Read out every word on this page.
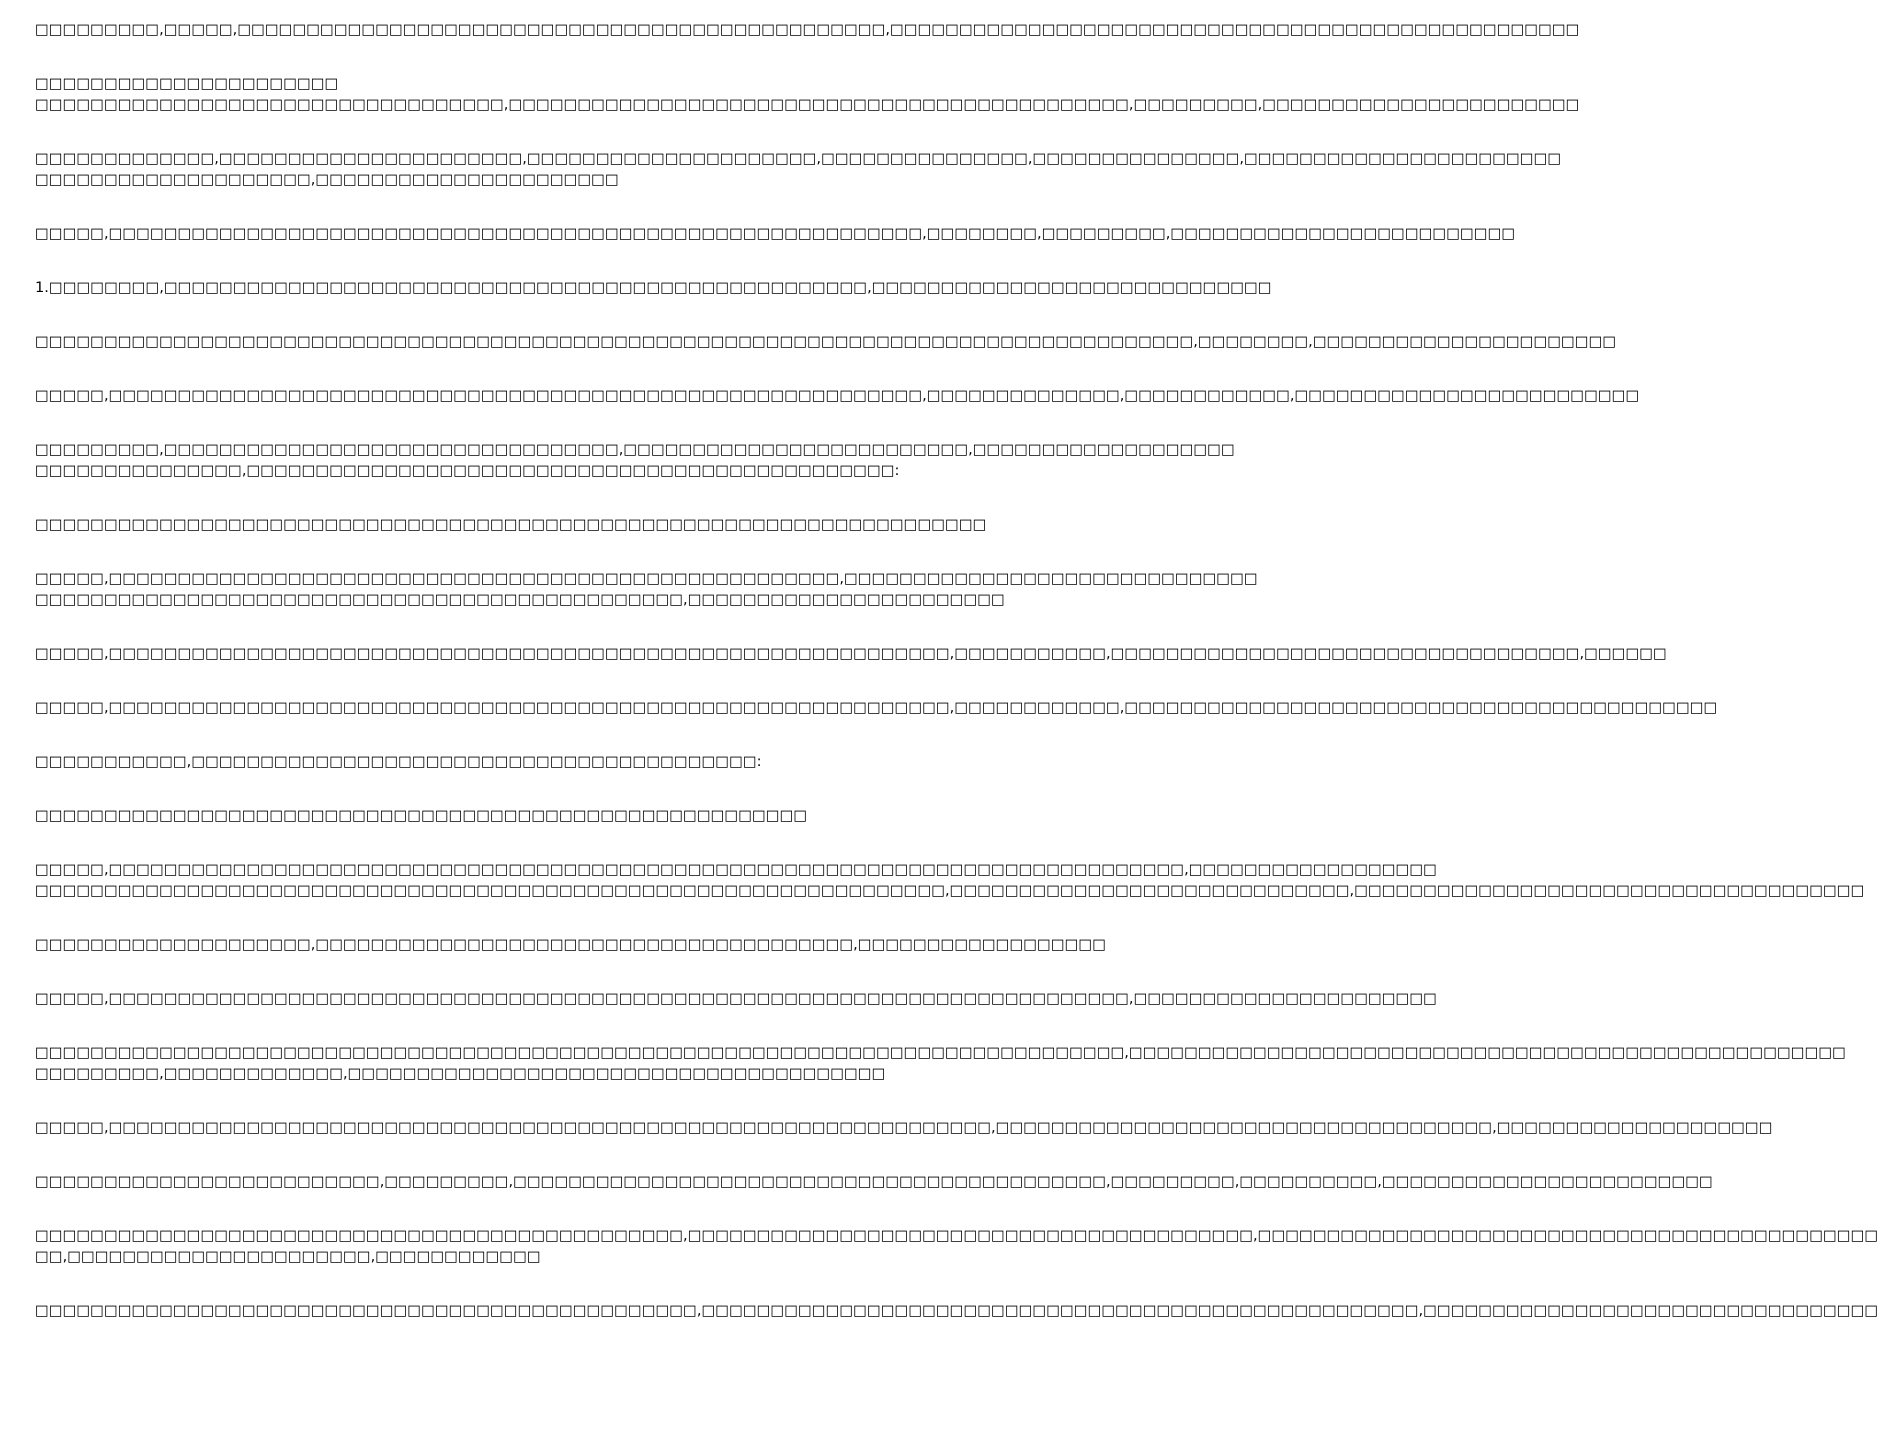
□□□□□□□□□,□□□□□,□□□□□□□□□□□□□□□□□□□□□□□□□□□□□□□□□□□□□□□□□□□□□□□,□□□□□□□□□□□□□□□□□□□□□□□□□□□□□□□□□□□□□□□□□□□□□□□□□□
□□□□□□□□□□□□□□□□□□□□□□
□□□□□□□□□□□□□□□□□□□□□□□□□□□□□□□□□□,□□□□□□□□□□□□□□□□□□□□□□□□□□□□□□□□□□□□□□□□□□□□□,□□□□□□□□□,□□□□□□□□□□□□□□□□□□□□□□□
□□□□□□□□□□□□□,□□□□□□□□□□□□□□□□□□□□□□,□□□□□□□□□□□□□□□□□□□□□,□□□□□□□□□□□□□□□,□□□□□□□□□□□□□□□,□□□□□□□□□□□□□□□□□□□□□□□
□□□□□□□□□□□□□□□□□□□□,□□□□□□□□□□□□□□□□□□□□□□
□□□□□,□□□□□□□□□□□□□□□□□□□□□□□□□□□□□□□□□□□□□□□□□□□□□□□□□□□□□□□□□□□,□□□□□□□□,□□□□□□□□□,□□□□□□□□□□□□□□□□□□□□□□□□□
1.□□□□□□□□,□□□□□□□□□□□□□□□□□□□□□□□□□□□□□□□□□□□□□□□□□□□□□□□□□□□,□□□□□□□□□□□□□□□□□□□□□□□□□□□□□
□□□□□□□□□□□□□□□□□□□□□□□□□□□□□□□□□□□□□□□□□□□□□□□□□□□□□□□□□□□□□□□□□□□□□□□□□□□□□□□□□□□□,□□□□□□□□,□□□□□□□□□□□□□□□□□□□□□□
□□□□□,□□□□□□□□□□□□□□□□□□□□□□□□□□□□□□□□□□□□□□□□□□□□□□□□□□□□□□□□□□□,□□□□□□□□□□□□□□,□□□□□□□□□□□□,□□□□□□□□□□□□□□□□□□□□□□□□□
□□□□□□□□□,□□□□□□□□□□□□□□□□□□□□□□□□□□□□□□□□□,□□□□□□□□□□□□□□□□□□□□□□□□□,□□□□□□□□□□□□□□□□□□□
□□□□□□□□□□□□□□□,□□□□□□□□□□□□□□□□□□□□□□□□□□□□□□□□□□□□□□□□□□□□□□□:
□□□□□□□□□□□□□□□□□□□□□□□□□□□□□□□□□□□□□□□□□□□□□□□□□□□□□□□□□□□□□□□□□□□□□
□□□□□,□□□□□□□□□□□□□□□□□□□□□□□□□□□□□□□□□□□□□□□□□□□□□□□□□□□□□,□□□□□□□□□□□□□□□□□□□□□□□□□□□□□□
□□□□□□□□□□□□□□□□□□□□□□□□□□□□□□□□□□□□□□□□□□□□□□□,□□□□□□□□□□□□□□□□□□□□□□□
□□□□□,□□□□□□□□□□□□□□□□□□□□□□□□□□□□□□□□□□□□□□□□□□□□□□□□□□□□□□□□□□□□□,□□□□□□□□□□□,□□□□□□□□□□□□□□□□□□□□□□□□□□□□□□□□□□,□□□□□□
□□□□□,□□□□□□□□□□□□□□□□□□□□□□□□□□□□□□□□□□□□□□□□□□□□□□□□□□□□□□□□□□□□□,□□□□□□□□□□□□,□□□□□□□□□□□□□□□□□□□□□□□□□□□□□□□□□□□□□□□□□□□
□□□□□□□□□□□,□□□□□□□□□□□□□□□□□□□□□□□□□□□□□□□□□□□□□□□□□:
□□□□□□□□□□□□□□□□□□□□□□□□□□□□□□□□□□□□□□□□□□□□□□□□□□□□□□□□
□□□□□,□□□□□□□□□□□□□□□□□□□□□□□□□□□□□□□□□□□□□□□□□□□□□□□□□□□□□□□□□□□□□□□□□□□□□□□□□□□□□□,□□□□□□□□□□□□□□□□□□
□□□□□□□□□□□□□□□□□□□□□□□□□□□□□□□□□□□□□□□□□□□□□□□□□□□□□□□□□□□□□□□□□□,□□□□□□□□□□□□□□□□□□□□□□□□□□□□□,□□□□□□□□□□□□□□□□□□□□□□□□□□□□□□□□□□□□□
□□□□□□□□□□□□□□□□□□□□,□□□□□□□□□□□□□□□□□□□□□□□□□□□□□□□□□□□□□□□,□□□□□□□□□□□□□□□□□□
□□□□□,□□□□□□□□□□□□□□□□□□□□□□□□□□□□□□□□□□□□□□□□□□□□□□□□□□□□□□□□□□□□□□□□□□□□□□□□□□,□□□□□□□□□□□□□□□□□□□□□□
□□□□□□□□□□□□□□□□□□□□□□□□□□□□□□□□□□□□□□□□□□□□□□□□□□□□□□□□□□□□□□□□□□□□□□□□□□□□□□□,□□□□□□□□□□□□□□□□□□□□□□□□□□□□□□□□□□□□□□□□□□□□□□□□□□□□
□□□□□□□□□,□□□□□□□□□□□□□,□□□□□□□□□□□□□□□□□□□□□□□□□□□□□□□□□□□□□□□
□□□□□,□□□□□□□□□□□□□□□□□□□□□□□□□□□□□□□□□□□□□□□□□□□□□□□□□□□□□□□□□□□□□□□□,□□□□□□□□□□□□□□□□□□□□□□□□□□□□□□□□□□□□,□□□□□□□□□□□□□□□□□□□□
□□□□□□□□□□□□□□□□□□□□□□□□□,□□□□□□□□□,□□□□□□□□□□□□□□□□□□□□□□□□□□□□□□□□□□□□□□□□□□□,□□□□□□□□□,□□□□□□□□□□,□□□□□□□□□□□□□□□□□□□□□□□□
□□□□□□□□□□□□□□□□□□□□□□□□□□□□□□□□□□□□□□□□□□□□□□□,□□□□□□□□□□□□□□□□□□□□□□□□□□□□□□□□□□□□□□□□□,□□□□□□□□□□□□□□□□□□□□□□□□□□□□□□□□□□□□□□□□□□□□□
□□,□□□□□□□□□□□□□□□□□□□□□□,□□□□□□□□□□□□
□□□□□□□□□□□□□□□□□□□□□□□□□□□□□□□□□□□□□□□□□□□□□□□□,□□□□□□□□□□□□□□□□□□□□□□□□□□□□□□□□□□□□□□□□□□□□□□□□□□□□,□□□□□□□□□□□□□□□□□□□□□□□□□□□□□□□□□
